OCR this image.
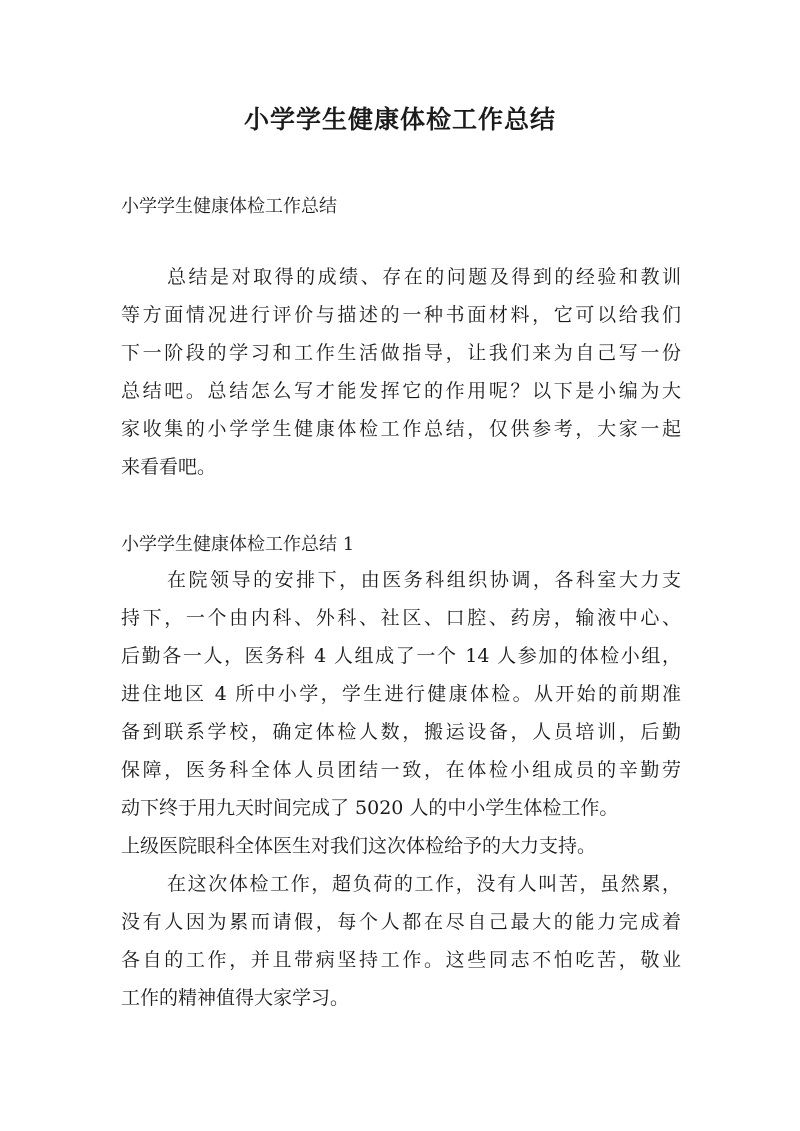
小学学生健康体检工作总结

小学学生健康体检工作总结

总结是对取得的成绩、存在的问题及得到的经验和教训

等方面情况进行评价与描述的一种书面材料，它可以给我们

下一阶段的学习和工作生活做指导，让我们来为自己写一份

总结吧。总结怎么写才能发挥它的作用呢？以下是小编为大

家收集的小学学生健康体检工作总结，仅供参考，大家一起

来看看吧。

小学学生健康体检工作总结 1

在院领导的安排下，由医务科组织协调，各科室大力支

持下，一个由内科、外科、社区、口腔、药房，输液中心、

后勤各一人，医务科 4 人组成了一个 14 人参加的体检小组，

进住地区 4 所中小学，学生进行健康体检。从开始的前期准

备到联系学校，确定体检人数，搬运设备，人员培训，后勤

保障，医务科全体人员团结一致，在体检小组成员的辛勤劳

动下终于用九天时间完成了 5020 人的中小学生体检工作。

上级医院眼科全体医生对我们这次体检给予的大力支持。

在这次体检工作，超负荷的工作，没有人叫苦，虽然累，

没有人因为累而请假，每个人都在尽自己最大的能力完成着

各自的工作，并且带病坚持工作。这些同志不怕吃苦，敬业

工作的精神值得大家学习。
